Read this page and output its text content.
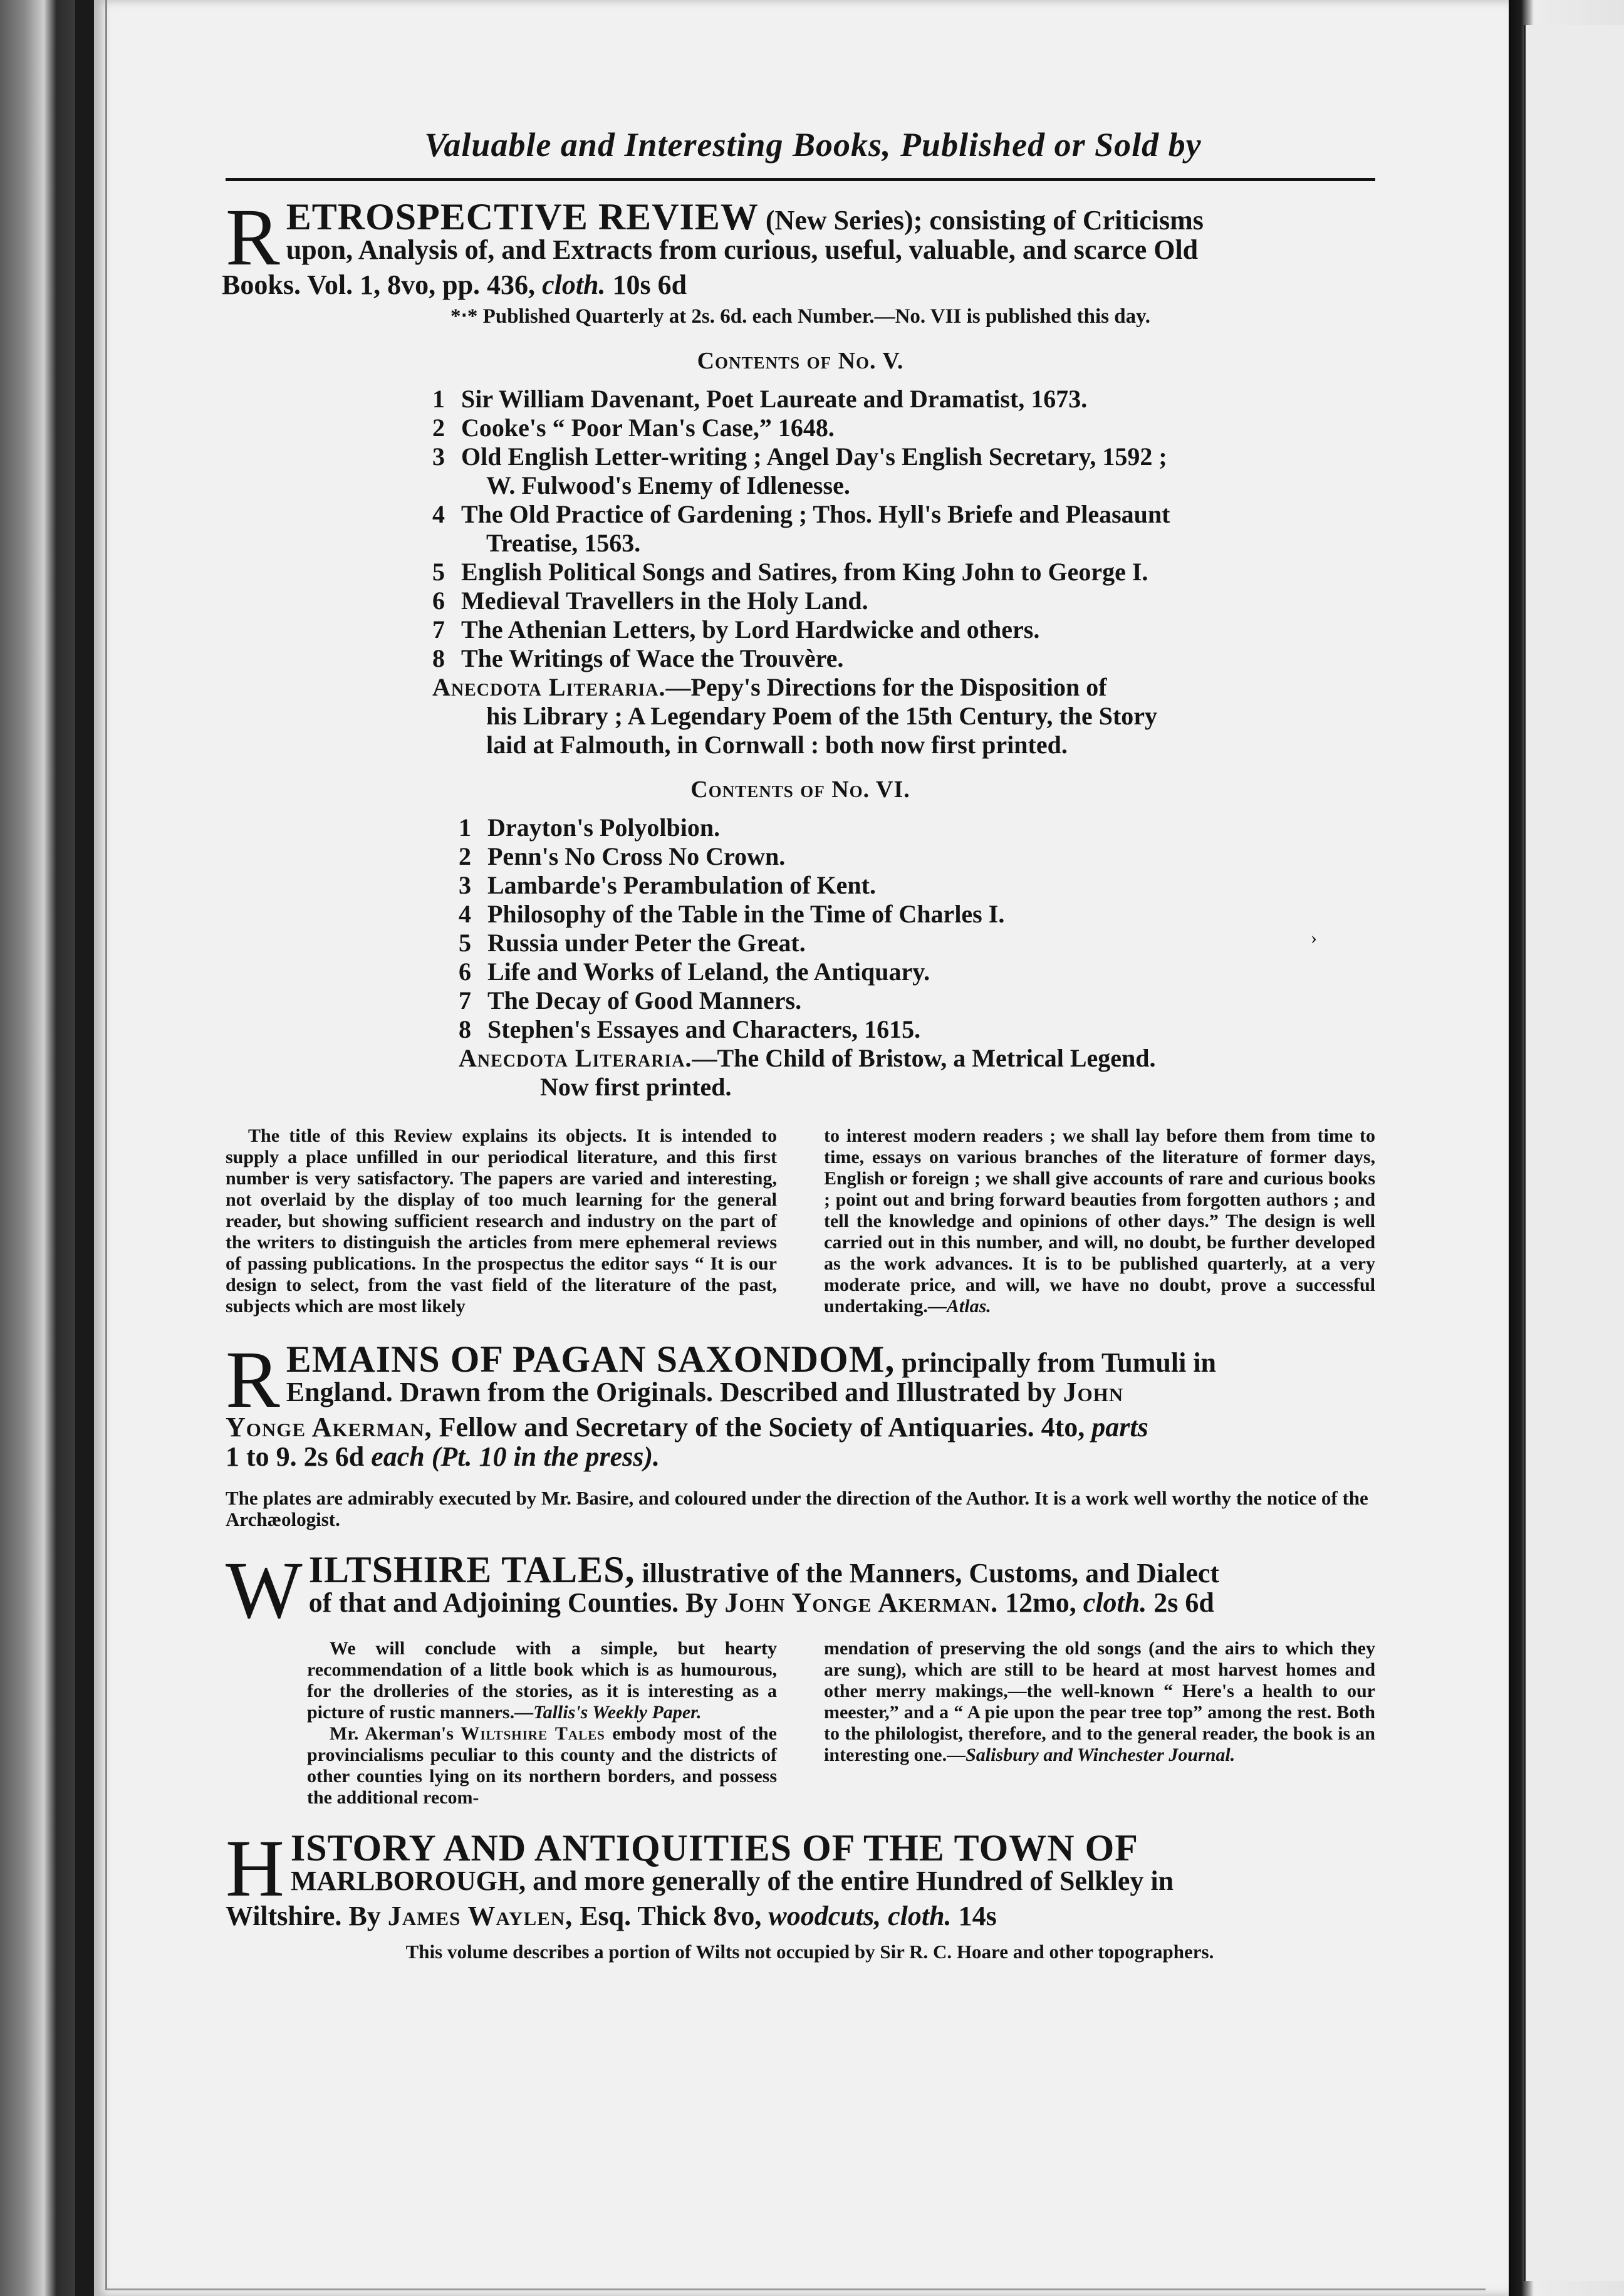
›
Valuable and Interesting Books, Published or Sold by
R ETROSPECTIVE REVIEW (New Series); consisting of Criticisms
upon, Analysis of, and Extracts from curious, useful, valuable, and scarce Old
Books. Vol. 1, 8vo, pp. 436, cloth. 10s 6d
*‧* Published Quarterly at 2s. 6d. each Number.—No. VII is published this day.
Contents of No. V.
1 Sir William Davenant, Poet Laureate and Dramatist, 1673.
2 Cooke's “ Poor Man's Case,” 1648.
3 Old English Letter-writing ; Angel Day's English Secretary, 1592 ;
W. Fulwood's Enemy of Idlenesse.
4 The Old Practice of Gardening ; Thos. Hyll's Briefe and Pleasaunt
Treatise, 1563.
5 English Political Songs and Satires, from King John to George I.
6 Medieval Travellers in the Holy Land.
7 The Athenian Letters, by Lord Hardwicke and others.
8 The Writings of Wace the Trouvère.
Anecdota Literaria.—Pepy's Directions for the Disposition of
his Library ; A Legendary Poem of the 15th Century, the Story
laid at Falmouth, in Cornwall : both now first printed.
Contents of No. VI.
1 Drayton's Polyolbion.
2 Penn's No Cross No Crown.
3 Lambarde's Perambulation of Kent.
4 Philosophy of the Table in the Time of Charles I.
5 Russia under Peter the Great.
6 Life and Works of Leland, the Antiquary.
7 The Decay of Good Manners.
8 Stephen's Essayes and Characters, 1615.
Anecdota Literaria.—The Child of Bristow, a Metrical Legend.
Now first printed.
The title of this Review explains its objects. It is intended to supply a place unfilled in our periodical literature, and this first number is very satisfactory. The papers are varied and interesting, not overlaid by the display of too much learning for the general reader, but showing sufficient research and industry on the part of the writers to distinguish the articles from mere ephemeral reviews of passing publications. In the prospectus the editor says “ It is our design to select, from the vast field of the literature of the past, subjects which are most likely
to interest modern readers ; we shall lay before them from time to time, essays on various branches of the literature of former days, English or foreign ; we shall give accounts of rare and curious books ; point out and bring forward beauties from forgotten authors ; and tell the knowledge and opinions of other days.” The design is well carried out in this number, and will, no doubt, be further developed as the work advances. It is to be published quarterly, at a very moderate price, and will, we have no doubt, prove a successful undertaking.—Atlas.
R EMAINS OF PAGAN SAXONDOM, principally from Tumuli in
England. Drawn from the Originals. Described and Illustrated by John
Yonge Akerman, Fellow and Secretary of the Society of Antiquaries. 4to, parts
1 to 9. 2s 6d each (Pt. 10 in the press).
The plates are admirably executed by Mr. Basire, and coloured under the direction of the Author. It is a work well worthy the notice of the Archæologist.
W ILTSHIRE TALES, illustrative of the Manners, Customs, and Dialect
of that and Adjoining Counties. By John Yonge Akerman. 12mo, cloth. 2s 6d
We will conclude with a simple, but hearty recommendation of a little book which is as humourous, for the drolleries of the stories, as it is interesting as a picture of rustic manners.—Tallis's Weekly Paper.
Mr. Akerman's Wiltshire Tales embody most of the provincialisms peculiar to this county and the districts of other counties lying on its northern borders, and possess the additional recom-
mendation of preserving the old songs (and the airs to which they are sung), which are still to be heard at most harvest homes and other merry makings,—the well-known “ Here's a health to our meester,” and a “ A pie upon the pear tree top” among the rest. Both to the philologist, therefore, and to the general reader, the book is an interesting one.—Salisbury and Winchester Journal.
H ISTORY AND ANTIQUITIES OF THE TOWN OF
MARLBOROUGH, and more generally of the entire Hundred of Selkley in
Wiltshire. By James Waylen, Esq. Thick 8vo, woodcuts, cloth. 14s
This volume describes a portion of Wilts not occupied by Sir R. C. Hoare and other topographers.
